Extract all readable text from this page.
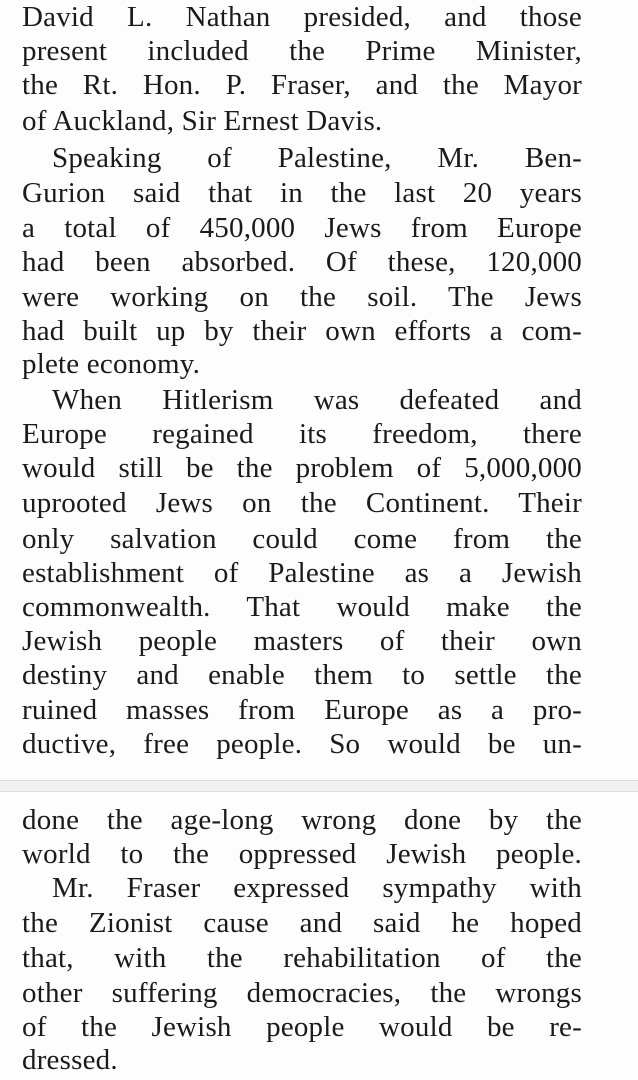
David L. Nathan presided, and those
present included the Prime Minister,
the Rt. Hon. P. Fraser, and the Mayor
of Auckland, Sir Ernest Davis.
Speaking of Palestine, Mr. Ben-
Gurion said that in the last 20 years
a total of 450,000 Jews from Europe
had been absorbed. Of these, 120,000
were working on the soil. The Jews
had built up by their own efforts a com-
plete economy.
When Hitlerism was defeated and
Europe regained its freedom, there
would still be the problem of 5,000,000
uprooted Jews on the Continent. Their
only salvation could come from the
establishment of Palestine as a Jewish
commonwealth. That would make the
Jewish people masters of their own
destiny and enable them to settle the
ruined masses from Europe as a pro-
ductive, free people. So would be un-
done the age-long wrong done by the
world to the oppressed Jewish people.
Mr. Fraser expressed sympathy with
the Zionist cause and said he hoped
that, with the rehabilitation of the
other suffering democracies, the wrongs
of the Jewish people would be re-
dressed.
